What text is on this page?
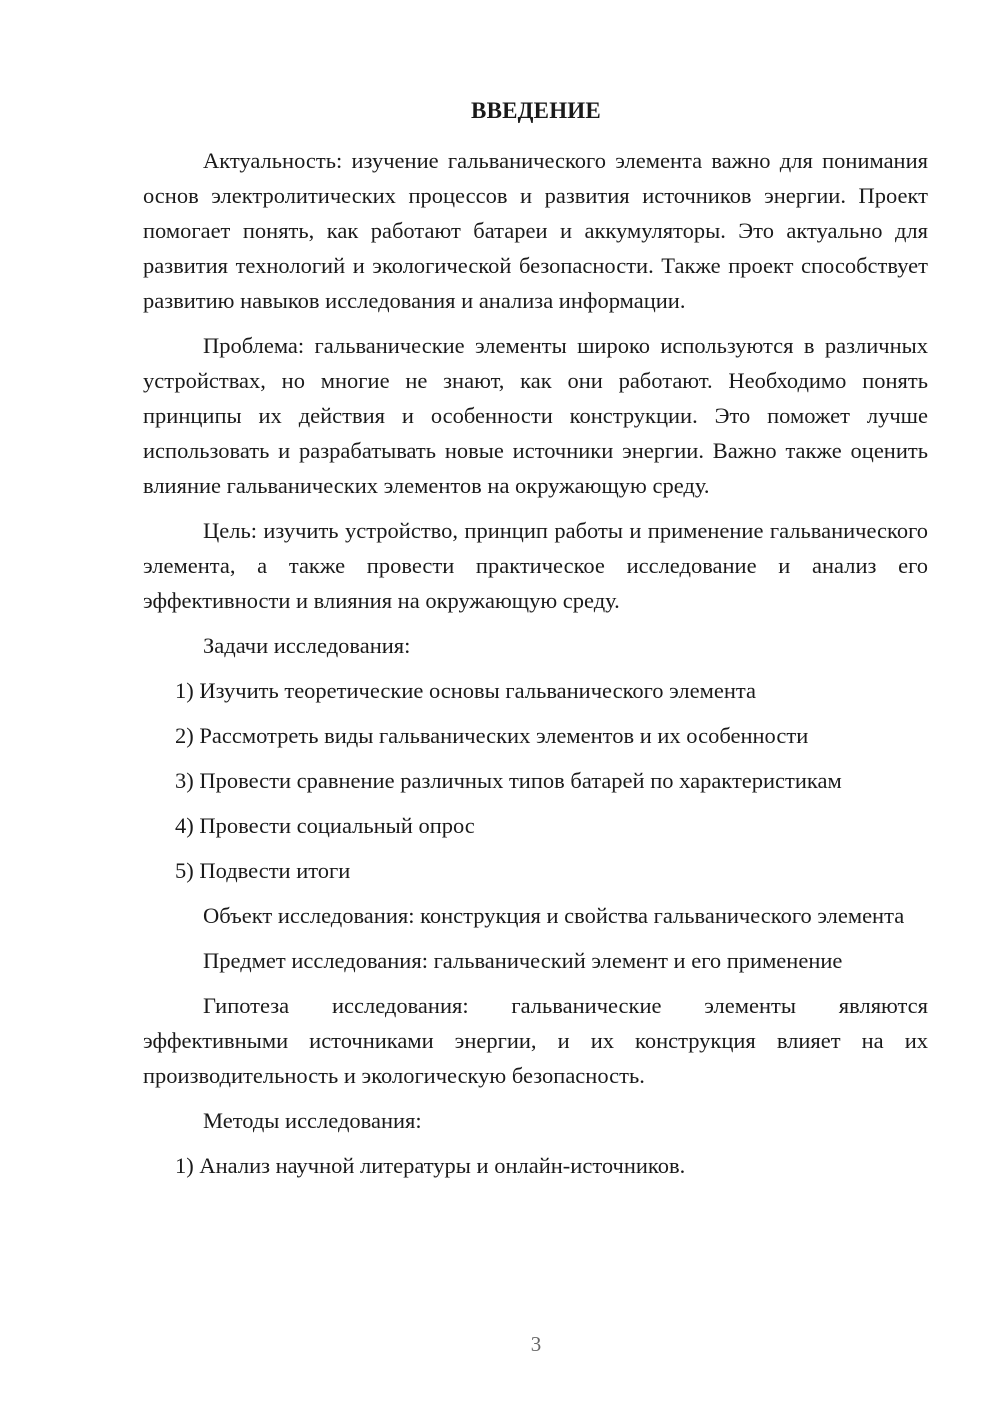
ВВЕДЕНИЕ

Актуальность: изучение гальванического элемента важно для понимания основ электролитических процессов и развития источников энергии. Проект помогает понять, как работают батареи и аккумуляторы. Это актуально для развития технологий и экологической безопасности. Также проект способствует развитию навыков исследования и анализа информации.

Проблема: гальванические элементы широко используются в различных устройствах, но многие не знают, как они работают. Необходимо понять принципы их действия и особенности конструкции. Это поможет лучше использовать и разрабатывать новые источники энергии. Важно также оценить влияние гальванических элементов на окружающую среду.

Цель: изучить устройство, принцип работы и применение гальванического элемента, а также провести практическое исследование и анализ его эффективности и влияния на окружающую среду.

Задачи исследования:

1) Изучить теоретические основы гальванического элемента
2) Рассмотреть виды гальванических элементов и их особенности
3) Провести сравнение различных типов батарей по характеристикам
4) Провести социальный опрос
5) Подвести итоги

Объект исследования: конструкция и свойства гальванического элемента

Предмет исследования: гальванический элемент и его применение

Гипотеза исследования: гальванические элементы являются эффективными источниками энергии, и их конструкция влияет на их производительность и экологическую безопасность.

Методы исследования:

1) Анализ научной литературы и онлайн-источников.
3
